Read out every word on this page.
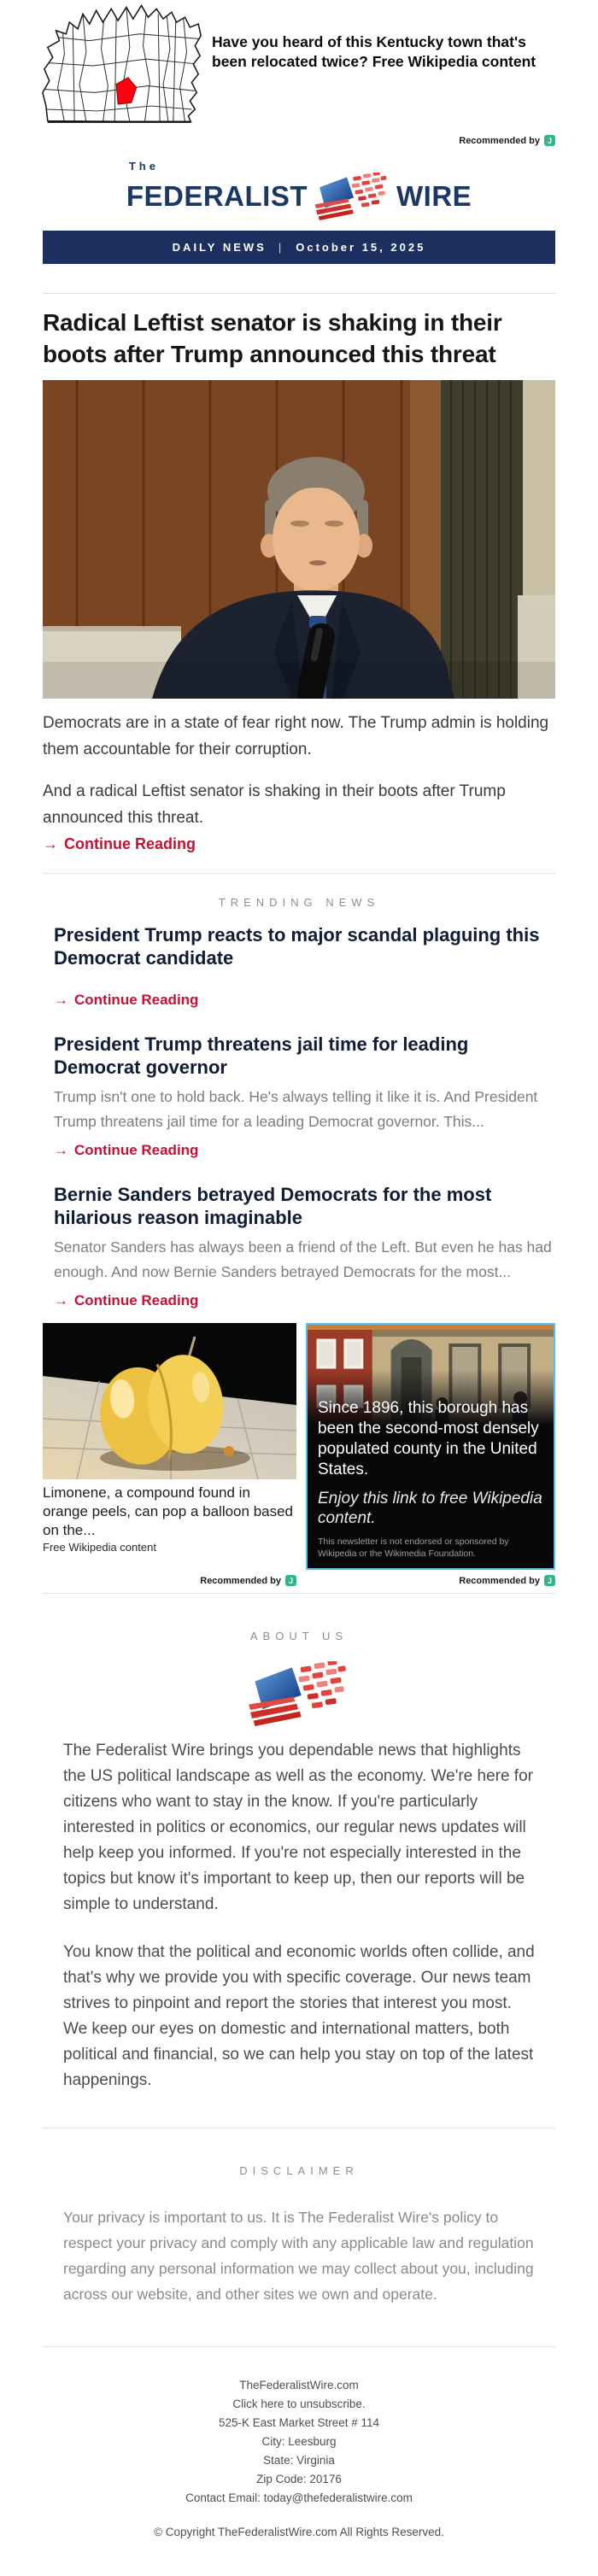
Have you heard of this Kentucky town that's been relocated twice? Free Wikipedia content
Recommended by J
The
FEDERALIST	WIRE
DAILY NEWS | October 15, 2025
Radical Leftist senator is shaking in their boots after Trump announced this threat

Democrats are in a state of fear right now. The Trump admin is holding them accountable for their corruption.

And a radical Leftist senator is shaking in their boots after Trump announced this threat.

→ Continue Reading
TRENDING NEWS
President Trump reacts to major scandal plaguing this Democrat candidate
→ Continue Reading
President Trump threatens jail time for leading Democrat governor
Trump isn't one to hold back. He's always telling it like it is. And President Trump threatens jail time for a leading Democrat governor. This...
→ Continue Reading
Bernie Sanders betrayed Democrats for the most hilarious reason imaginable
Senator Sanders has always been a friend of the Left. But even he has had enough. And now Bernie Sanders betrayed Democrats for the most...
→ Continue Reading
Limonene, a compound found in orange peels, can pop a balloon based on the...
Free Wikipedia content
Recommended by J
Since 1896, this borough has been the second-most densely populated county in the United States.
Enjoy this link to free Wikipedia content.
This newsletter is not endorsed or sponsored by Wikipedia or the Wikimedia Foundation.
Recommended by J
ABOUT US

The Federalist Wire brings you dependable news that highlights the US political landscape as well as the economy. We're here for citizens who want to stay in the know. If you're particularly interested in politics or economics, our regular news updates will help keep you informed. If you're not especially interested in the topics but know it's important to keep up, then our reports will be simple to understand.

You know that the political and economic worlds often collide, and that's why we provide you with specific coverage. Our news team strives to pinpoint and report the stories that interest you most. We keep our eyes on domestic and international matters, both political and financial, so we can help you stay on top of the latest happenings.

DISCLAIMER

Your privacy is important to us. It is The Federalist Wire's policy to respect your privacy and comply with any applicable law and regulation regarding any personal information we may collect about you, including across our website, and other sites we own and operate.

TheFederalistWire.com
Click here to unsubscribe.
525-K East Market Street # 114
City: Leesburg
State: Virginia
Zip Code: 20176
Contact Email: today@thefederalistwire.com
© Copyright TheFederalistWire.com All Rights Reserved.
